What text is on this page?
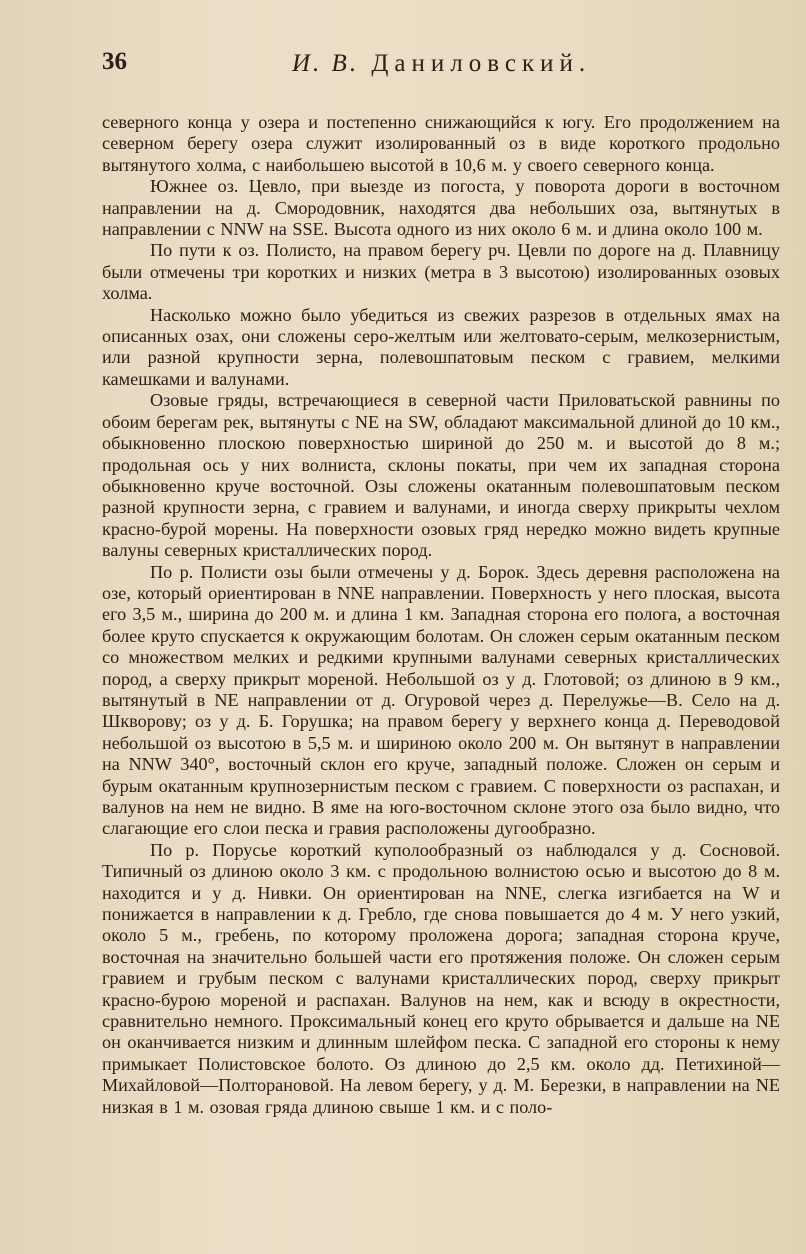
36	И. В. Даниловский.

северного конца у озера и постепенно снижающийся к югу. Его продолжением на северном берегу озера служит изолированный оз в виде короткого продольно вытянутого холма, с наибольшею высотой в 10,6 м. у своего северного конца.

Южнее оз. Цевло, при выезде из погоста, у поворота дороги в восточном направлении на д. Смородовник, находятся два небольших оза, вытянутых в направлении с NNW на SSE. Высота одного из них около 6 м. и длина около 100 м.

По пути к оз. Полисто, на правом берегу рч. Цевли по дороге на д. Плавницу были отмечены три коротких и низких (метра в 3 высотою) изолированных озовых холма.

Насколько можно было убедиться из свежих разрезов в отдельных ямах на описанных озах, они сложены серо-желтым или желтовато-серым, мелкозернистым, или разной крупности зерна, полевошпатовым песком с гравием, мелкими камешками и валунами.

Озовые гряды, встречающиеся в северной части Приловатьской равнины по обоим берегам рек, вытянуты с NE на SW, обладают максимальной длиной до 10 км., обыкновенно плоскою поверхностью шириной до 250 м. и высотой до 8 м.; продольная ось у них волниста, склоны покаты, при чем их западная сторона обыкновенно круче восточной. Озы сложены окатанным полевошпатовым песком разной крупности зерна, с гравием и валунами, и иногда сверху прикрыты чехлом красно-бурой морены. На поверхности озовых гряд нередко можно видеть крупные валуны северных кристаллических пород.

По р. Полисти озы были отмечены у д. Борок. Здесь деревня расположена на озе, который ориентирован в NNE направлении. Поверхность у него плоская, высота его 3,5 м., ширина до 200 м. и длина 1 км. Западная сторона его полога, а восточная более круто спускается к окружающим болотам. Он сложен серым окатанным песком со множеством мелких и редкими крупными валунами северных кристаллических пород, а сверху прикрыт мореной. Небольшой оз у д. Глотовой; оз длиною в 9 км., вытянутый в NE направлении от д. Огуровой через д. Перелужье—В. Село на д. Шкворову; оз у д. Б. Горушка; на правом берегу у верхнего конца д. Переводовой небольшой оз высотою в 5,5 м. и шириною около 200 м. Он вытянут в направлении на NNW 340°, восточный склон его круче, западный положе. Сложен он серым и бурым окатанным крупнозернистым песком с гравием. С поверхности оз распахан, и валунов на нем не видно. В яме на юго-восточном склоне этого оза было видно, что слагающие его слои песка и гравия расположены дугообразно.

По р. Порусье короткий куполообразный оз наблюдался у д. Сосновой. Типичный оз длиною около 3 км. с продольною волнистою осью и высотою до 8 м. находится и у д. Нивки. Он ориентирован на NNE, слегка изгибается на W и понижается в направлении к д. Гребло, где снова повышается до 4 м. У него узкий, около 5 м., гребень, по которому проложена дорога; западная сторона круче, восточная на значительно большей части его протяжения положе. Он сложен серым гравием и грубым песком с валунами кристаллических пород, сверху прикрыт красно-бурою мореной и распахан. Валунов на нем, как и всюду в окрестности, сравнительно немного. Проксимальный конец его круто обрывается и дальше на NE он оканчивается низким и длинным шлейфом песка. С западной его стороны к нему примыкает Полистовское болото. Оз длиною до 2,5 км. около дд. Петихиной—Михайловой—Полторановой. На левом берегу, у д. М. Березки, в направлении на NE низкая в 1 м. озовая гряда длиною свыше 1 км. и с поло-
